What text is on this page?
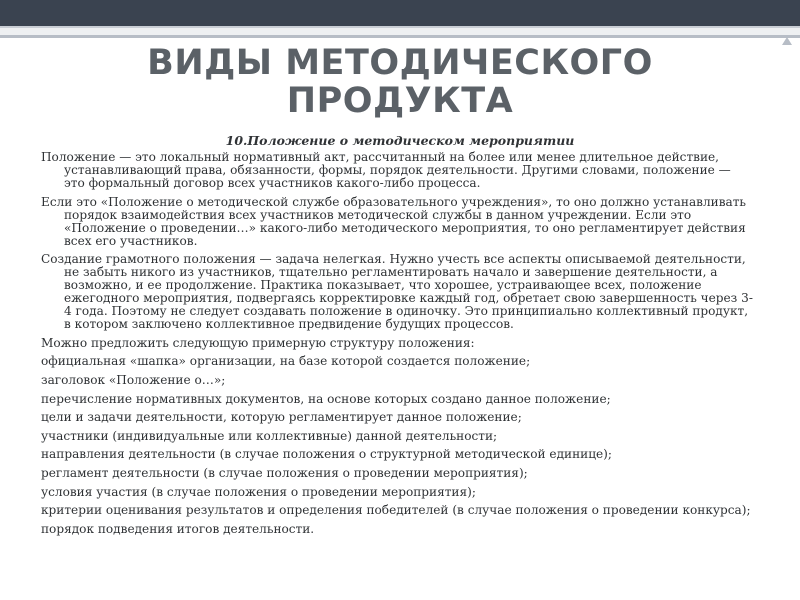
ВИДЫ МЕТОДИЧЕСКОГО
ПРОДУКТА

10.Положение о методическом мероприятии

Положение — это локальный нормативный акт, рассчитанный на более или менее длительное действие, устанавливающий права, обязанности, формы, порядок деятельности. Другими словами, положение — это формальный договор всех участников какого-либо процесса.

Если это «Положение о методической службе образовательного учреждения», то оно должно устанавливать порядок взаимодействия всех участников методической службы в данном учреждении. Если это «Положение о проведении…» какого-либо методического мероприятия, то оно регламентирует действия всех его участников.

Создание грамотного положения — задача нелегкая. Нужно учесть все аспекты описываемой деятельности, не забыть никого из участников, тщательно регламентировать начало и завершение деятельности, а возможно, и ее продолжение. Практика показывает, что хорошее, устраивающее всех, положение ежегодного мероприятия, подвергаясь корректировке каждый год, обретает свою завершенность через 3-4 года. Поэтому не следует создавать положение в одиночку. Это принципиально коллективный продукт, в котором заключено коллективное предвидение будущих процессов.

Можно предложить следующую примерную структуру положения:

официальная «шапка» организации, на базе которой создается положение;

заголовок «Положение о…»;

перечисление нормативных документов, на основе которых создано данное положение;

цели и задачи деятельности, которую регламентирует данное положение;

участники (индивидуальные или коллективные) данной деятельности;

направления деятельности (в случае положения о структурной методической единице);

регламент деятельности (в случае положения о проведении мероприятия);

условия участия (в случае положения о проведении мероприятия);

критерии оценивания результатов и определения победителей (в случае положения о проведении конкурса);

порядок подведения итогов деятельности.
